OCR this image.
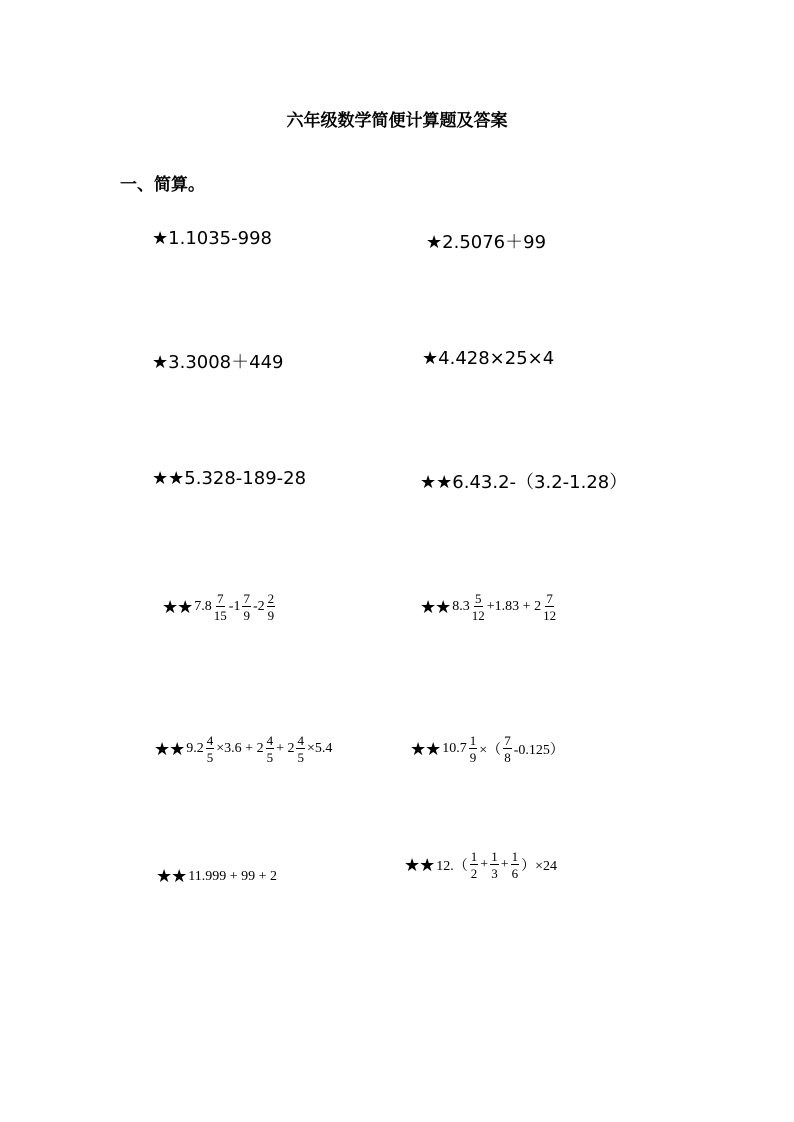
六年级数学简便计算题及答案
一、简算。
★1.1035-998	★2.5076＋99
★3.3008＋449	★4.428×25×4
★★5.328-189-28	★★6.43.2-（3.2-1.28）
★★ $7.8 \frac{7}{15} -1 \frac{7}{9} -2 \frac{2}{9}$	★★ $8.3 \frac{5}{12} +1.83 + 2 \frac{7}{12}$
★★ $9.2 \frac{4}{5} \times 3.6 + 2 \frac{4}{5} + 2 \frac{4}{5} \times 5.4$	★★ $10.7 \frac{1}{9}$ ×（ $\frac{7}{8} -0.125$）
★★ 11.999 + 99 + 2
★★ $12.( \frac{1}{2} + \frac{1}{3} + \frac{1}{6} )\times 24$
